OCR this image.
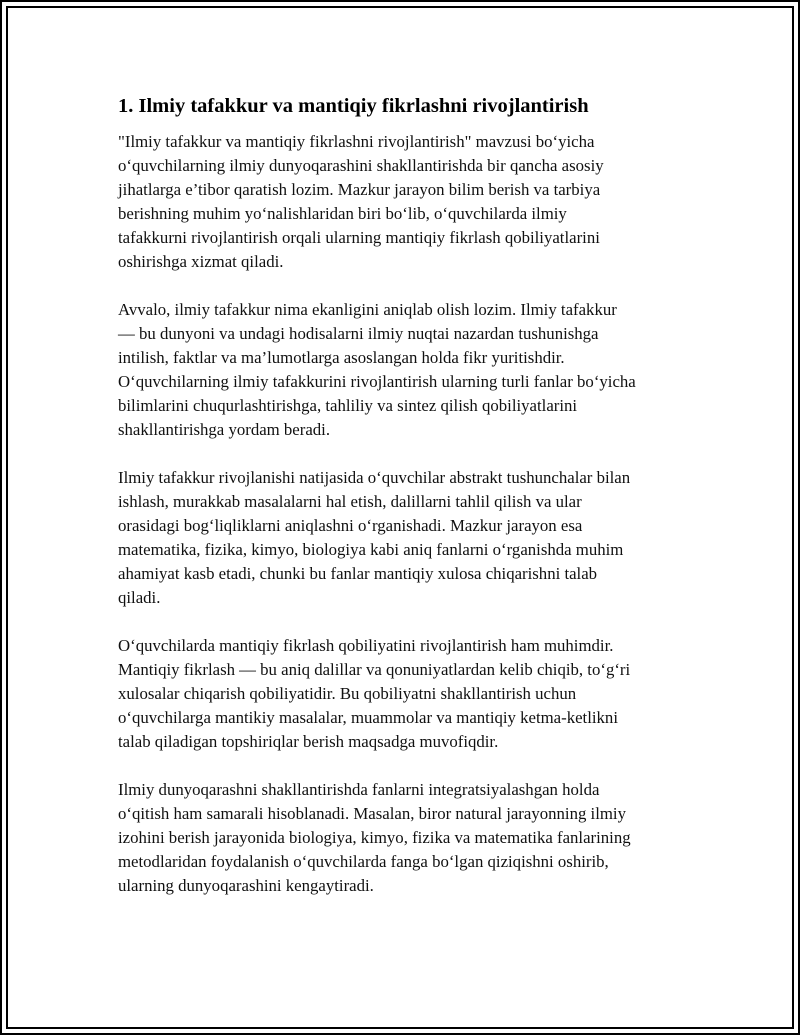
1. Ilmiy tafakkur va mantiqiy fikrlashni rivojlantirish

"Ilmiy tafakkur va mantiqiy fikrlashni rivojlantirish" mavzusi bo‘yicha
o‘quvchilarning ilmiy dunyoqarashini shakllantirishda bir qancha asosiy
jihatlarga e’tibor qaratish lozim. Mazkur jarayon bilim berish va tarbiya
berishning muhim yo‘nalishlaridan biri bo‘lib, o‘quvchilarda ilmiy
tafakkurni rivojlantirish orqali ularning mantiqiy fikrlash qobiliyatlarini
oshirishga xizmat qiladi.

Avvalo, ilmiy tafakkur nima ekanligini aniqlab olish lozim. Ilmiy tafakkur
— bu dunyoni va undagi hodisalarni ilmiy nuqtai nazardan tushunishga
intilish, faktlar va ma’lumotlarga asoslangan holda fikr yuritishdir.
O‘quvchilarning ilmiy tafakkurini rivojlantirish ularning turli fanlar bo‘yicha
bilimlarini chuqurlashtirishga, tahliliy va sintez qilish qobiliyatlarini
shakllantirishga yordam beradi.

Ilmiy tafakkur rivojlanishi natijasida o‘quvchilar abstrakt tushunchalar bilan
ishlash, murakkab masalalarni hal etish, dalillarni tahlil qilish va ular
orasidagi bog‘liqliklarni aniqlashni o‘rganishadi. Mazkur jarayon esa
matematika, fizika, kimyo, biologiya kabi aniq fanlarni o‘rganishda muhim
ahamiyat kasb etadi, chunki bu fanlar mantiqiy xulosa chiqarishni talab
qiladi.

O‘quvchilarda mantiqiy fikrlash qobiliyatini rivojlantirish ham muhimdir.
Mantiqiy fikrlash — bu aniq dalillar va qonuniyatlardan kelib chiqib, to‘g‘ri
xulosalar chiqarish qobiliyatidir. Bu qobiliyatni shakllantirish uchun
o‘quvchilarga mantikiy masalalar, muammolar va mantiqiy ketma-ketlikni
talab qiladigan topshiriqlar berish maqsadga muvofiqdir.

Ilmiy dunyoqarashni shakllantirishda fanlarni integratsiyalashgan holda
o‘qitish ham samarali hisoblanadi. Masalan, biror natural jarayonning ilmiy
izohini berish jarayonida biologiya, kimyo, fizika va matematika fanlarining
metodlaridan foydalanish o‘quvchilarda fanga bo‘lgan qiziqishni oshirib,
ularning dunyoqarashini kengaytiradi.
